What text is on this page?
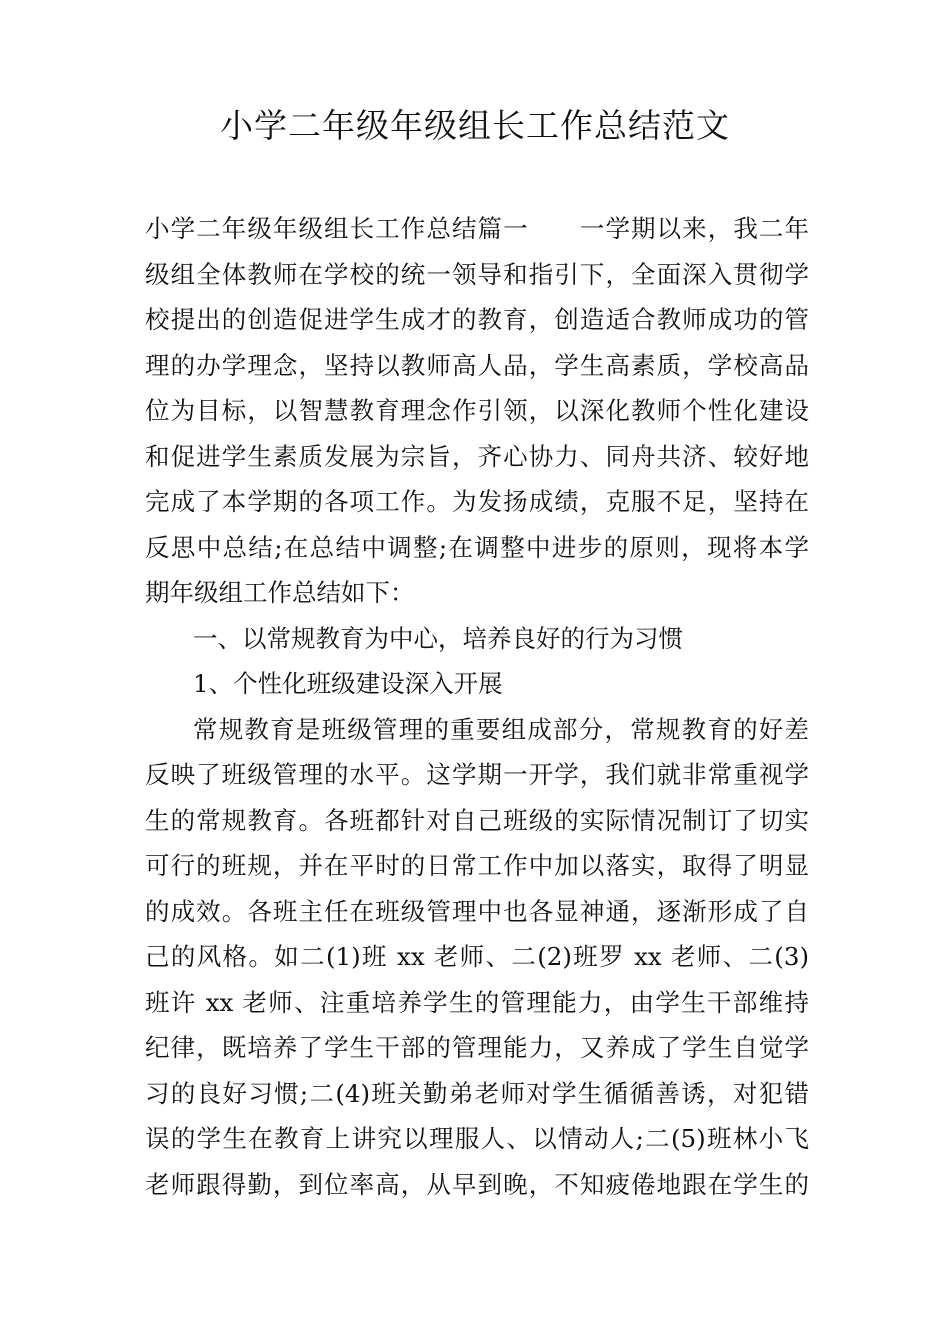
小学二年级年级组长工作总结范文
小学二年级年级组长工作总结篇一　　一学期以来，我二年
级组全体教师在学校的统一领导和指引下，全面深入贯彻学
校提出的创造促进学生成才的教育，创造适合教师成功的管
理的办学理念，坚持以教师高人品，学生高素质，学校高品
位为目标，以智慧教育理念作引领，以深化教师个性化建设
和促进学生素质发展为宗旨，齐心协力、同舟共济、较好地
完成了本学期的各项工作。为发扬成绩，克服不足，坚持在
反思中总结;在总结中调整;在调整中进步的原则，现将本学
期年级组工作总结如下：
一、以常规教育为中心，培养良好的行为习惯
1、个性化班级建设深入开展
常规教育是班级管理的重要组成部分，常规教育的好差
反映了班级管理的水平。这学期一开学，我们就非常重视学
生的常规教育。各班都针对自己班级的实际情况制订了切实
可行的班规，并在平时的日常工作中加以落实，取得了明显
的成效。各班主任在班级管理中也各显神通，逐渐形成了自
己的风格。如二(1)班 xx 老师、二(2)班罗 xx 老师、二(3)
班许 xx 老师、注重培养学生的管理能力，由学生干部维持
纪律，既培养了学生干部的管理能力，又养成了学生自觉学
习的良好习惯;二(4)班关勤弟老师对学生循循善诱，对犯错
误的学生在教育上讲究以理服人、以情动人;二(5)班林小飞
老师跟得勤，到位率高，从早到晚，不知疲倦地跟在学生的
